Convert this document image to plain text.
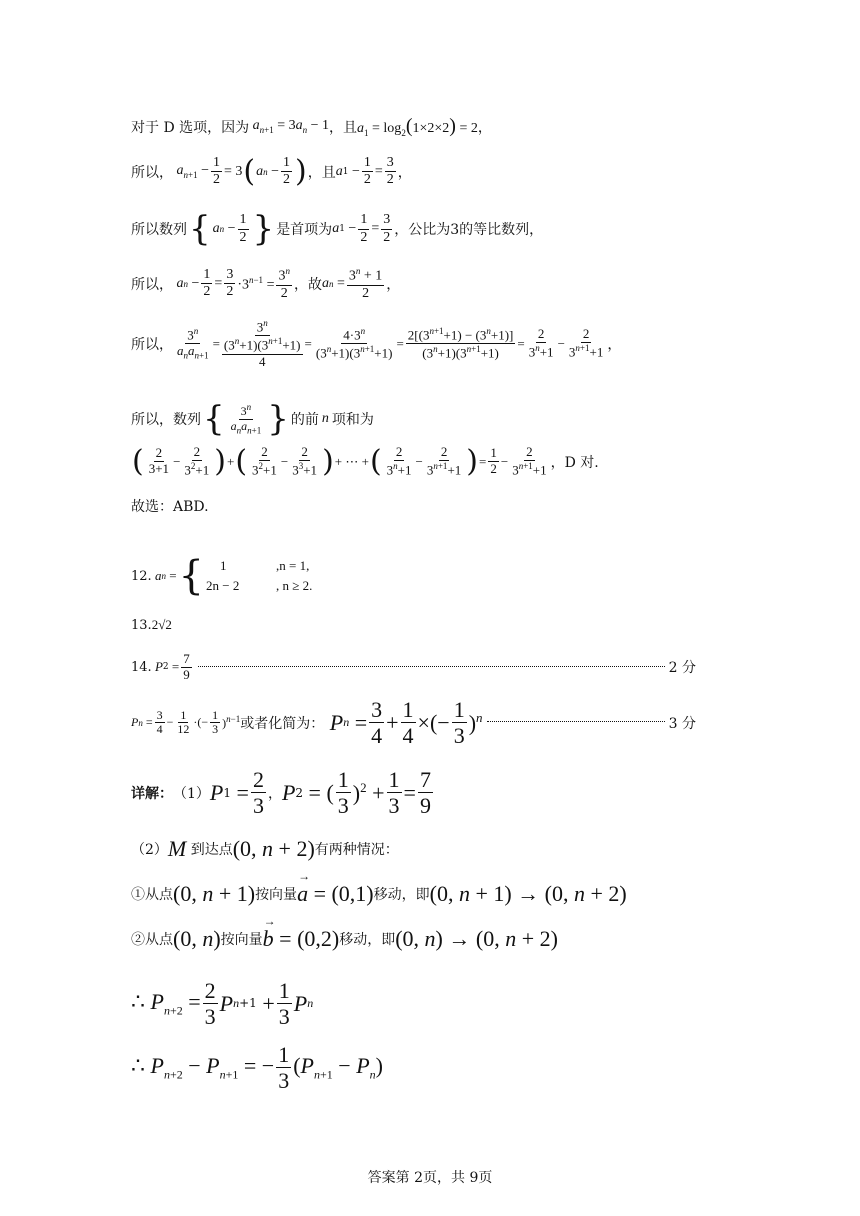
对于 D 选项，因为 $a_{n+1} = 3a_n - 1$ ，且 $a_1 = \log_2(1\times 2\times 2) = 2$ ，
所以， $a_{n+1} - \frac{1}{2} = 3$ ( a $n - \frac{1}{2}$ ) ，且 a $1 - \frac{1}{2} = \frac{3}{2}$ ，
所以数列 { a $n - \frac{1}{2}$ } 是首项为 a $1 - \frac{1}{2} = \frac{3}{2}$ ，公比为3的等比数列，
所以， a $n - \frac{1}{2} = \frac{3}{2} \cdot 3^{n-1} = \frac{3^n}{2}$ ，故 a $n = \frac{3^n + 1}{2}$ ，
所以， $\frac{3^n}{a_na_{n+1}}$ =
$3^n$
$(3^n+1)(3^{n+1}+1)$
4
= $\frac{4\cdot 3^n}{(3^n+1)(3^{n+1}+1)} = \frac{2[(3^{n+1}+1) - (3^n+1)]}{(3^n+1)(3^{n+1}+1)} = \frac{2}{3^n+1} - \frac{2}{3^{n+1}+1}$ ，
所以，数列 { $\frac{3^n}{a_na_{n+1}}$ } 的前 n 项和为
( $\frac{2}{3+1} - \frac{2}{3^2+1}$ ) + ( $\frac{2}{3^2+1} - \frac{2}{3^3+1}$ ) + ⋯ + ( $\frac{2}{3^n+1} - \frac{2}{3^{n+1}+1}$ ) = $\frac{1}{2} - \frac{2}{3^{n+1}+1}$ ，D 对.
故选：ABD.
12. a n = {	1	,n = 1,
2n − 2	, n ≥ 2.
13. 2√2
14. P $2 = \frac{7}{9}$	2 分
P $n = \frac{3}{4} - \frac{1}{12}$ ·(− $\frac{1}{3} )^{n-1}$ 或者化简为： P $n = \frac{3}{4} + \frac{1}{4}$ ×(− $\frac{1}{3} )^n$	3 分
详解： （1） P $1 = \frac{2}{3}$ ， P 2 = ( $\frac{1}{3} )^2 + \frac{1}{3} = \frac{7}{9}$
（2） M
到达点 (0, n + 2) 有两种情况：
①从点 (0, n + 1) 按向量 a
→
= (0,1) 移动，即 (0, n + 1) → (0, n + 2)
②从点 (0, n) 按向量 b
→
= (0,2) 移动，即 (0, n) → (0, n + 2)
∴ $P_{n+2} = \frac{2}{3}$ P $n+1 + \frac{1}{3}$ P n
∴ $P_{n+2} - P_{n+1}$ = − $\frac{1}{3} (P_{n+1} - P_n)$
答案第 2页，共 9页
